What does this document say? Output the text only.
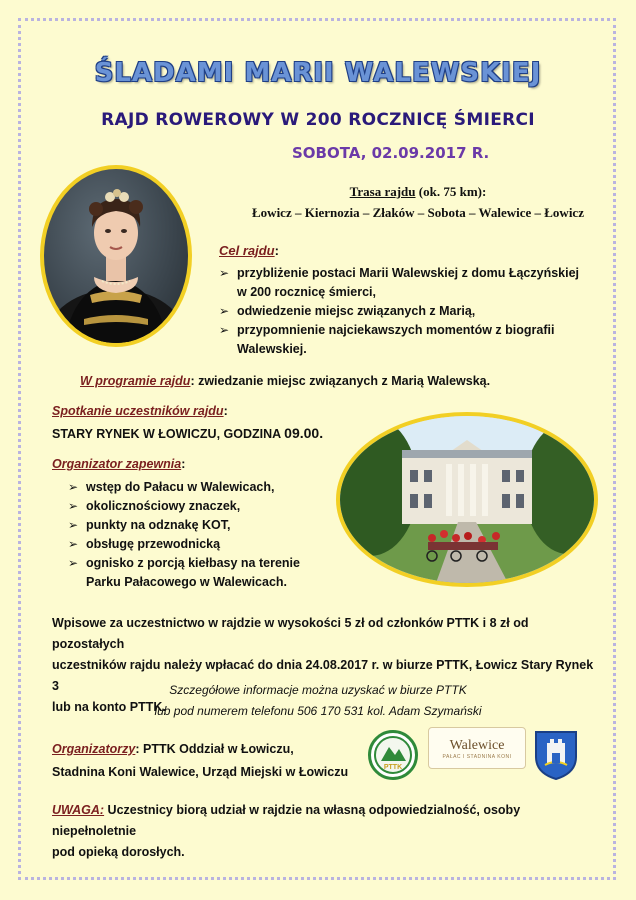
ŚLADAMI MARII WALEWSKIEJ
RAJD ROWEROWY W 200 ROCZNICĘ ŚMIERCI
SOBOTA, 02.09.2017 R.
Trasa rajdu (ok. 75 km):
Łowicz – Kiernozia – Złaków – Sobota – Walewice – Łowicz
Cel rajdu:
➢ przybliżenie postaci Marii Walewskiej z domu Łączyńskiej
w 200 rocznicę śmierci,
➢ odwiedzenie miejsc związanych z Marią,
➢ przypomnienie najciekawszych momentów z biografii
Walewskiej.
W programie rajdu: zwiedzanie miejsc związanych z Marią Walewską.
Spotkanie uczestników rajdu:
STARY RYNEK W ŁOWICZU, GODZINA 09.00.
Organizator zapewnia:
➢ wstęp do Pałacu w Walewicach,
➢ okolicznościowy znaczek,
➢ punkty na odznakę KOT,
➢ obsługę przewodnicką
➢ ognisko z porcją kiełbasy na terenie
Parku Pałacowego w Walewicach.
Wpisowe za uczestnictwo w rajdzie w wysokości 5 zł od członków PTTK i 8 zł od pozostałych
uczestników rajdu należy wpłacać do dnia 24.08.2017 r. w biurze PTTK, Łowicz Stary Rynek 3
lub na konto PTTK.
Szczegółowe informacje można uzyskać w biurze PTTK
lub pod numerem telefonu 506 170 531 kol. Adam Szymański
Organizatorzy: PTTK Oddział w Łowiczu,
Stadnina Koni Walewice, Urząd Miejski w Łowiczu	PTTK
Walewice
PAŁAC I STADNINA KONI
UWAGA: Uczestnicy biorą udział w rajdzie na własną odpowiedzialność, osoby niepełnoletnie
pod opieką dorosłych.
